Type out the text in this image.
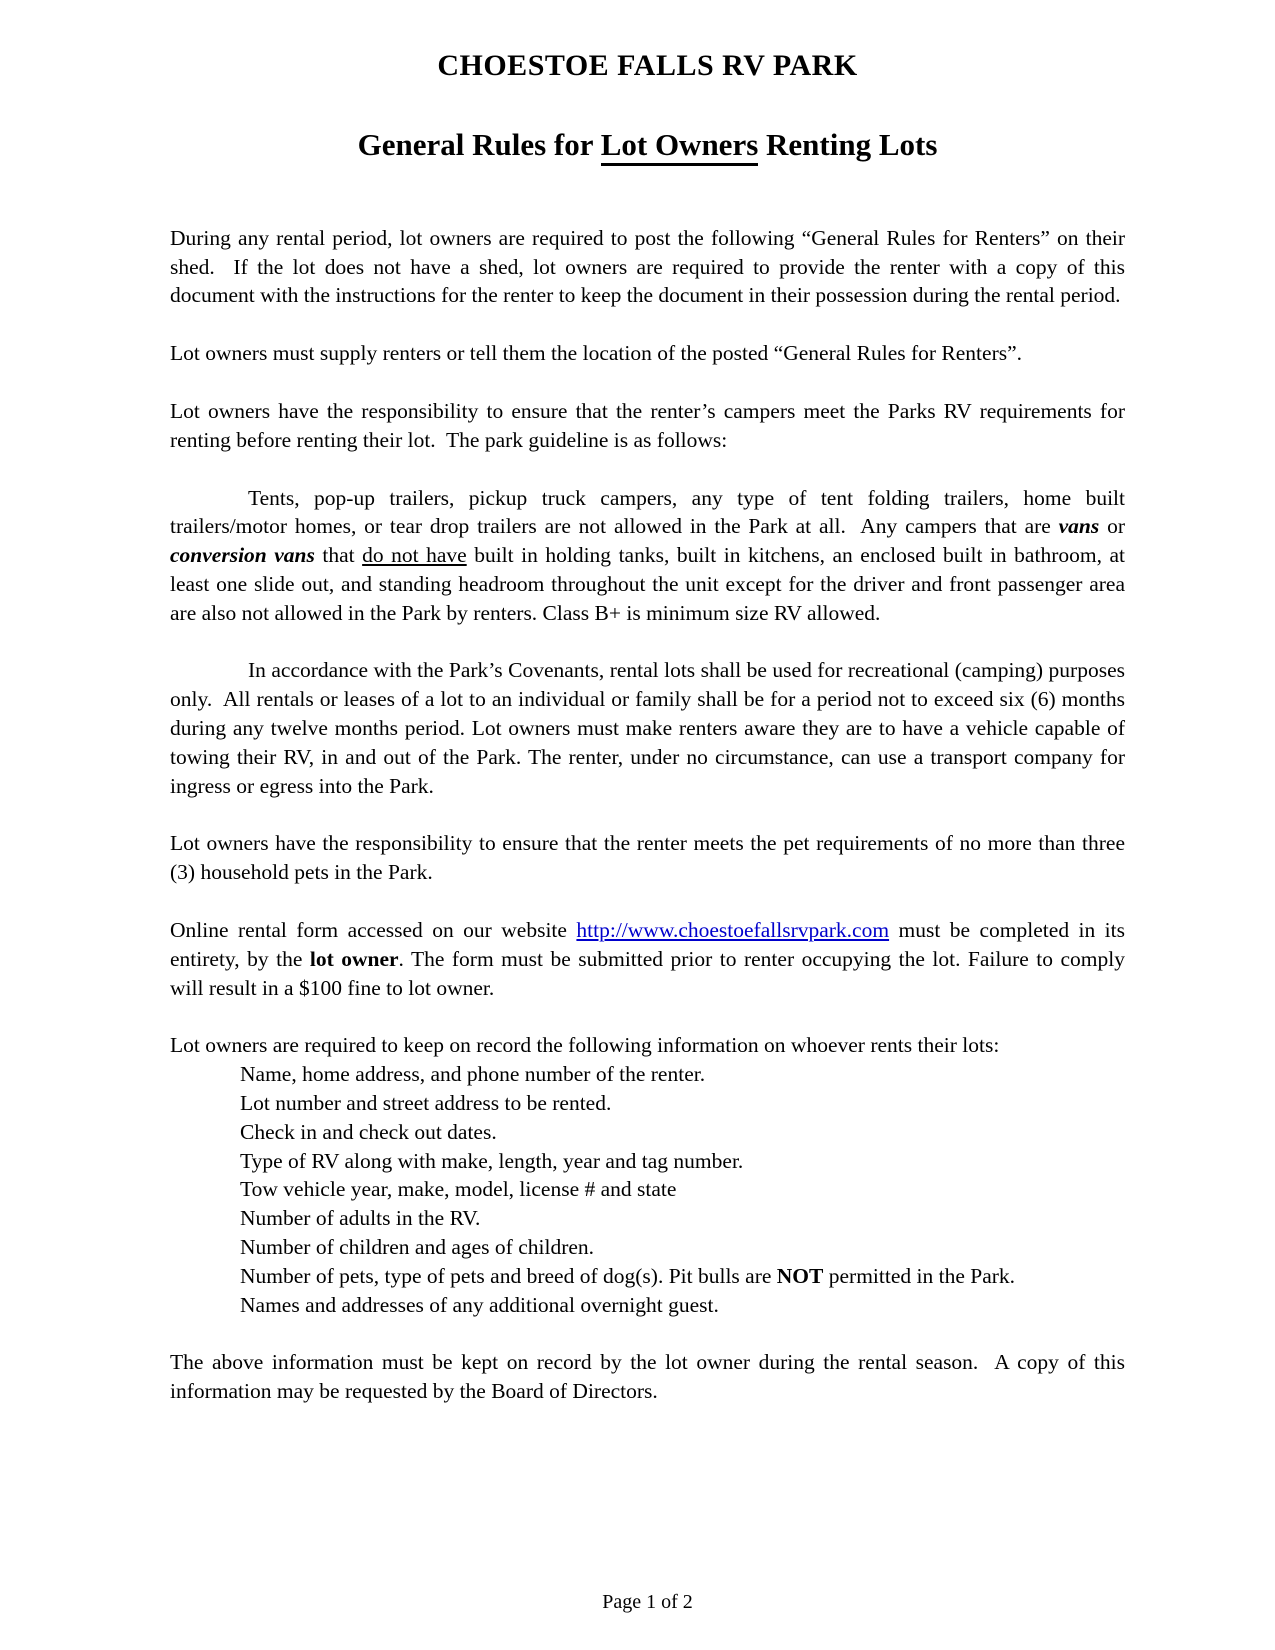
CHOESTOE FALLS RV PARK
General Rules for Lot Owners Renting Lots

During any rental period, lot owners are required to post the following “General Rules for Renters” on their shed.  If the lot does not have a shed, lot owners are required to provide the renter with a copy of this document with the instructions for the renter to keep the document in their possession during the rental period.

Lot owners must supply renters or tell them the location of the posted “General Rules for Renters”.

Lot owners have the responsibility to ensure that the renter’s campers meet the Parks RV requirements for renting before renting their lot.  The park guideline is as follows:

Tents, pop-up trailers, pickup truck campers, any type of tent folding trailers, home built trailers/motor homes, or tear drop trailers are not allowed in the Park at all.  Any campers that are vans or conversion vans that do not have built in holding tanks, built in kitchens, an enclosed built in bathroom, at least one slide out, and standing headroom throughout the unit except for the driver and front passenger area are also not allowed in the Park by renters. Class B+ is minimum size RV allowed.

In accordance with the Park’s Covenants, rental lots shall be used for recreational (camping) purposes only.  All rentals or leases of a lot to an individual or family shall be for a period not to exceed six (6) months during any twelve months period. Lot owners must make renters aware they are to have a vehicle capable of towing their RV, in and out of the Park. The renter, under no circumstance, can use a transport company for ingress or egress into the Park.

Lot owners have the responsibility to ensure that the renter meets the pet requirements of no more than three (3) household pets in the Park.

Online rental form accessed on our website http://www.choestoefallsrvpark.com must be completed in its entirety, by the lot owner. The form must be submitted prior to renter occupying the lot. Failure to comply will result in a $100 fine to lot owner.

Lot owners are required to keep on record the following information on whoever rents their lots:

Name, home address, and phone number of the renter.
Lot number and street address to be rented.
Check in and check out dates.
Type of RV along with make, length, year and tag number.
Tow vehicle year, make, model, license # and state
Number of adults in the RV.
Number of children and ages of children.
Number of pets, type of pets and breed of dog(s). Pit bulls are NOT permitted in the Park.
Names and addresses of any additional overnight guest.

The above information must be kept on record by the lot owner during the rental season.  A copy of this information may be requested by the Board of Directors.

Page 1 of 2
